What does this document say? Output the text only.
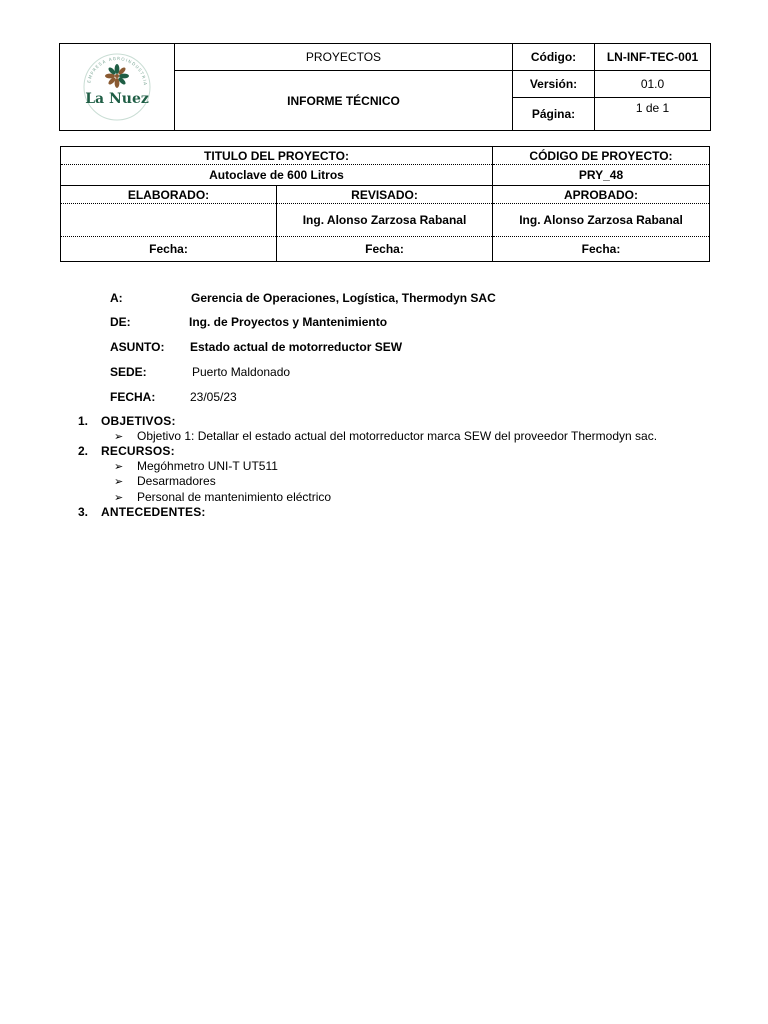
EMPRESA AGROINDUSTRIA
La Nuez	PROYECTOS	Código:	LN-INF-TEC-001
	INFORME TÉCNICO	Versión:	01.0
		Página:	1 de 1
TITULO DEL PROYECTO:		CÓDIGO DE PROYECTO:
Autoclave de 600 Litros		PRY_48
ELABORADO:	REVISADO:	APROBADO:
	Ing. Alonso Zarzosa Rabanal	Ing. Alonso Zarzosa Rabanal
Fecha:	Fecha:	Fecha:
A:	Gerencia de Operaciones, Logística, Thermodyn SAC
DE:	Ing. de Proyectos y Mantenimiento
ASUNTO: Estado actual de motorreductor SEW
SEDE:	Puerto Maldonado
FECHA:	23/05/23
1. OBJETIVOS:
➢ Objetivo 1: Detallar el estado actual del motorreductor marca SEW del proveedor Thermodyn sac.
2. RECURSOS:
➢ Megóhmetro UNI-T UT511
➢ Desarmadores
➢ Personal de mantenimiento eléctrico
3. ANTECEDENTES:
